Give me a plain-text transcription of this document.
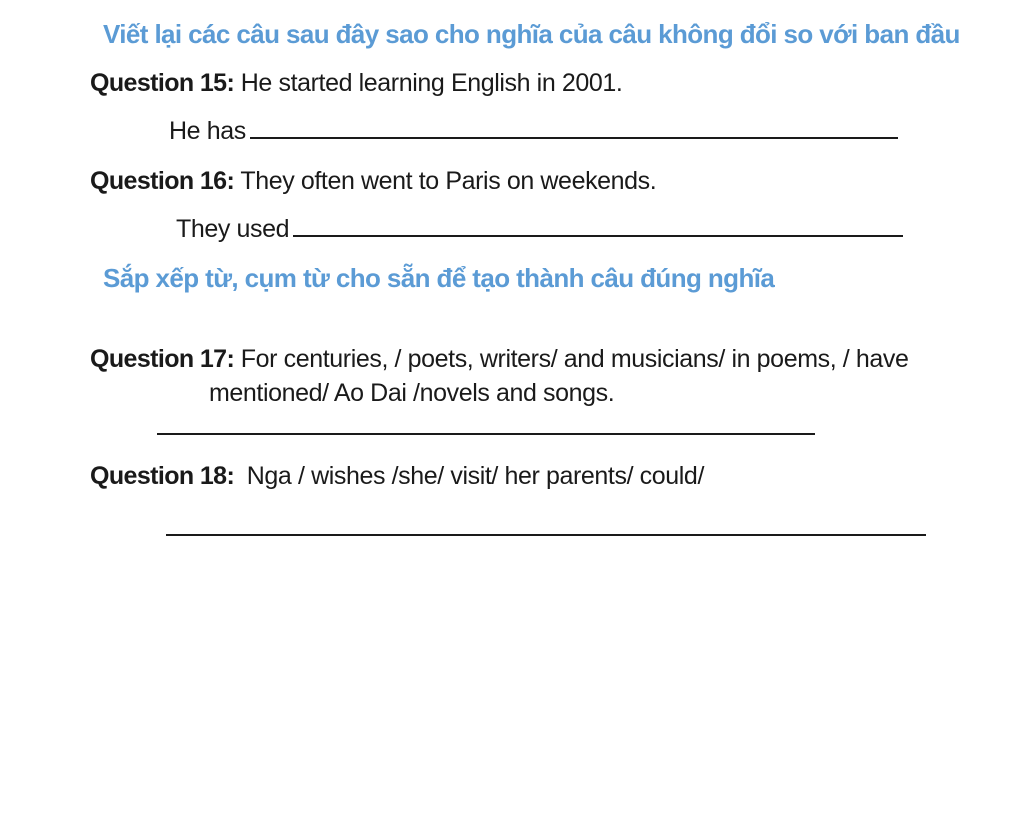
Viết lại các câu sau đây sao cho nghĩa của câu không đổi so với ban đầu
Question 15: He started learning English in 2001.
He has
Question 16: They often went to Paris on weekends.
They used
Sắp xếp từ, cụm từ cho sẵn để tạo thành câu đúng nghĩa
Question 17: For centuries, / poets, writers/ and musicians/ in poems, / have
mentioned/ Ao Dai /novels and songs.
Question 18: Nga / wishes /she/ visit/ her parents/ could/
